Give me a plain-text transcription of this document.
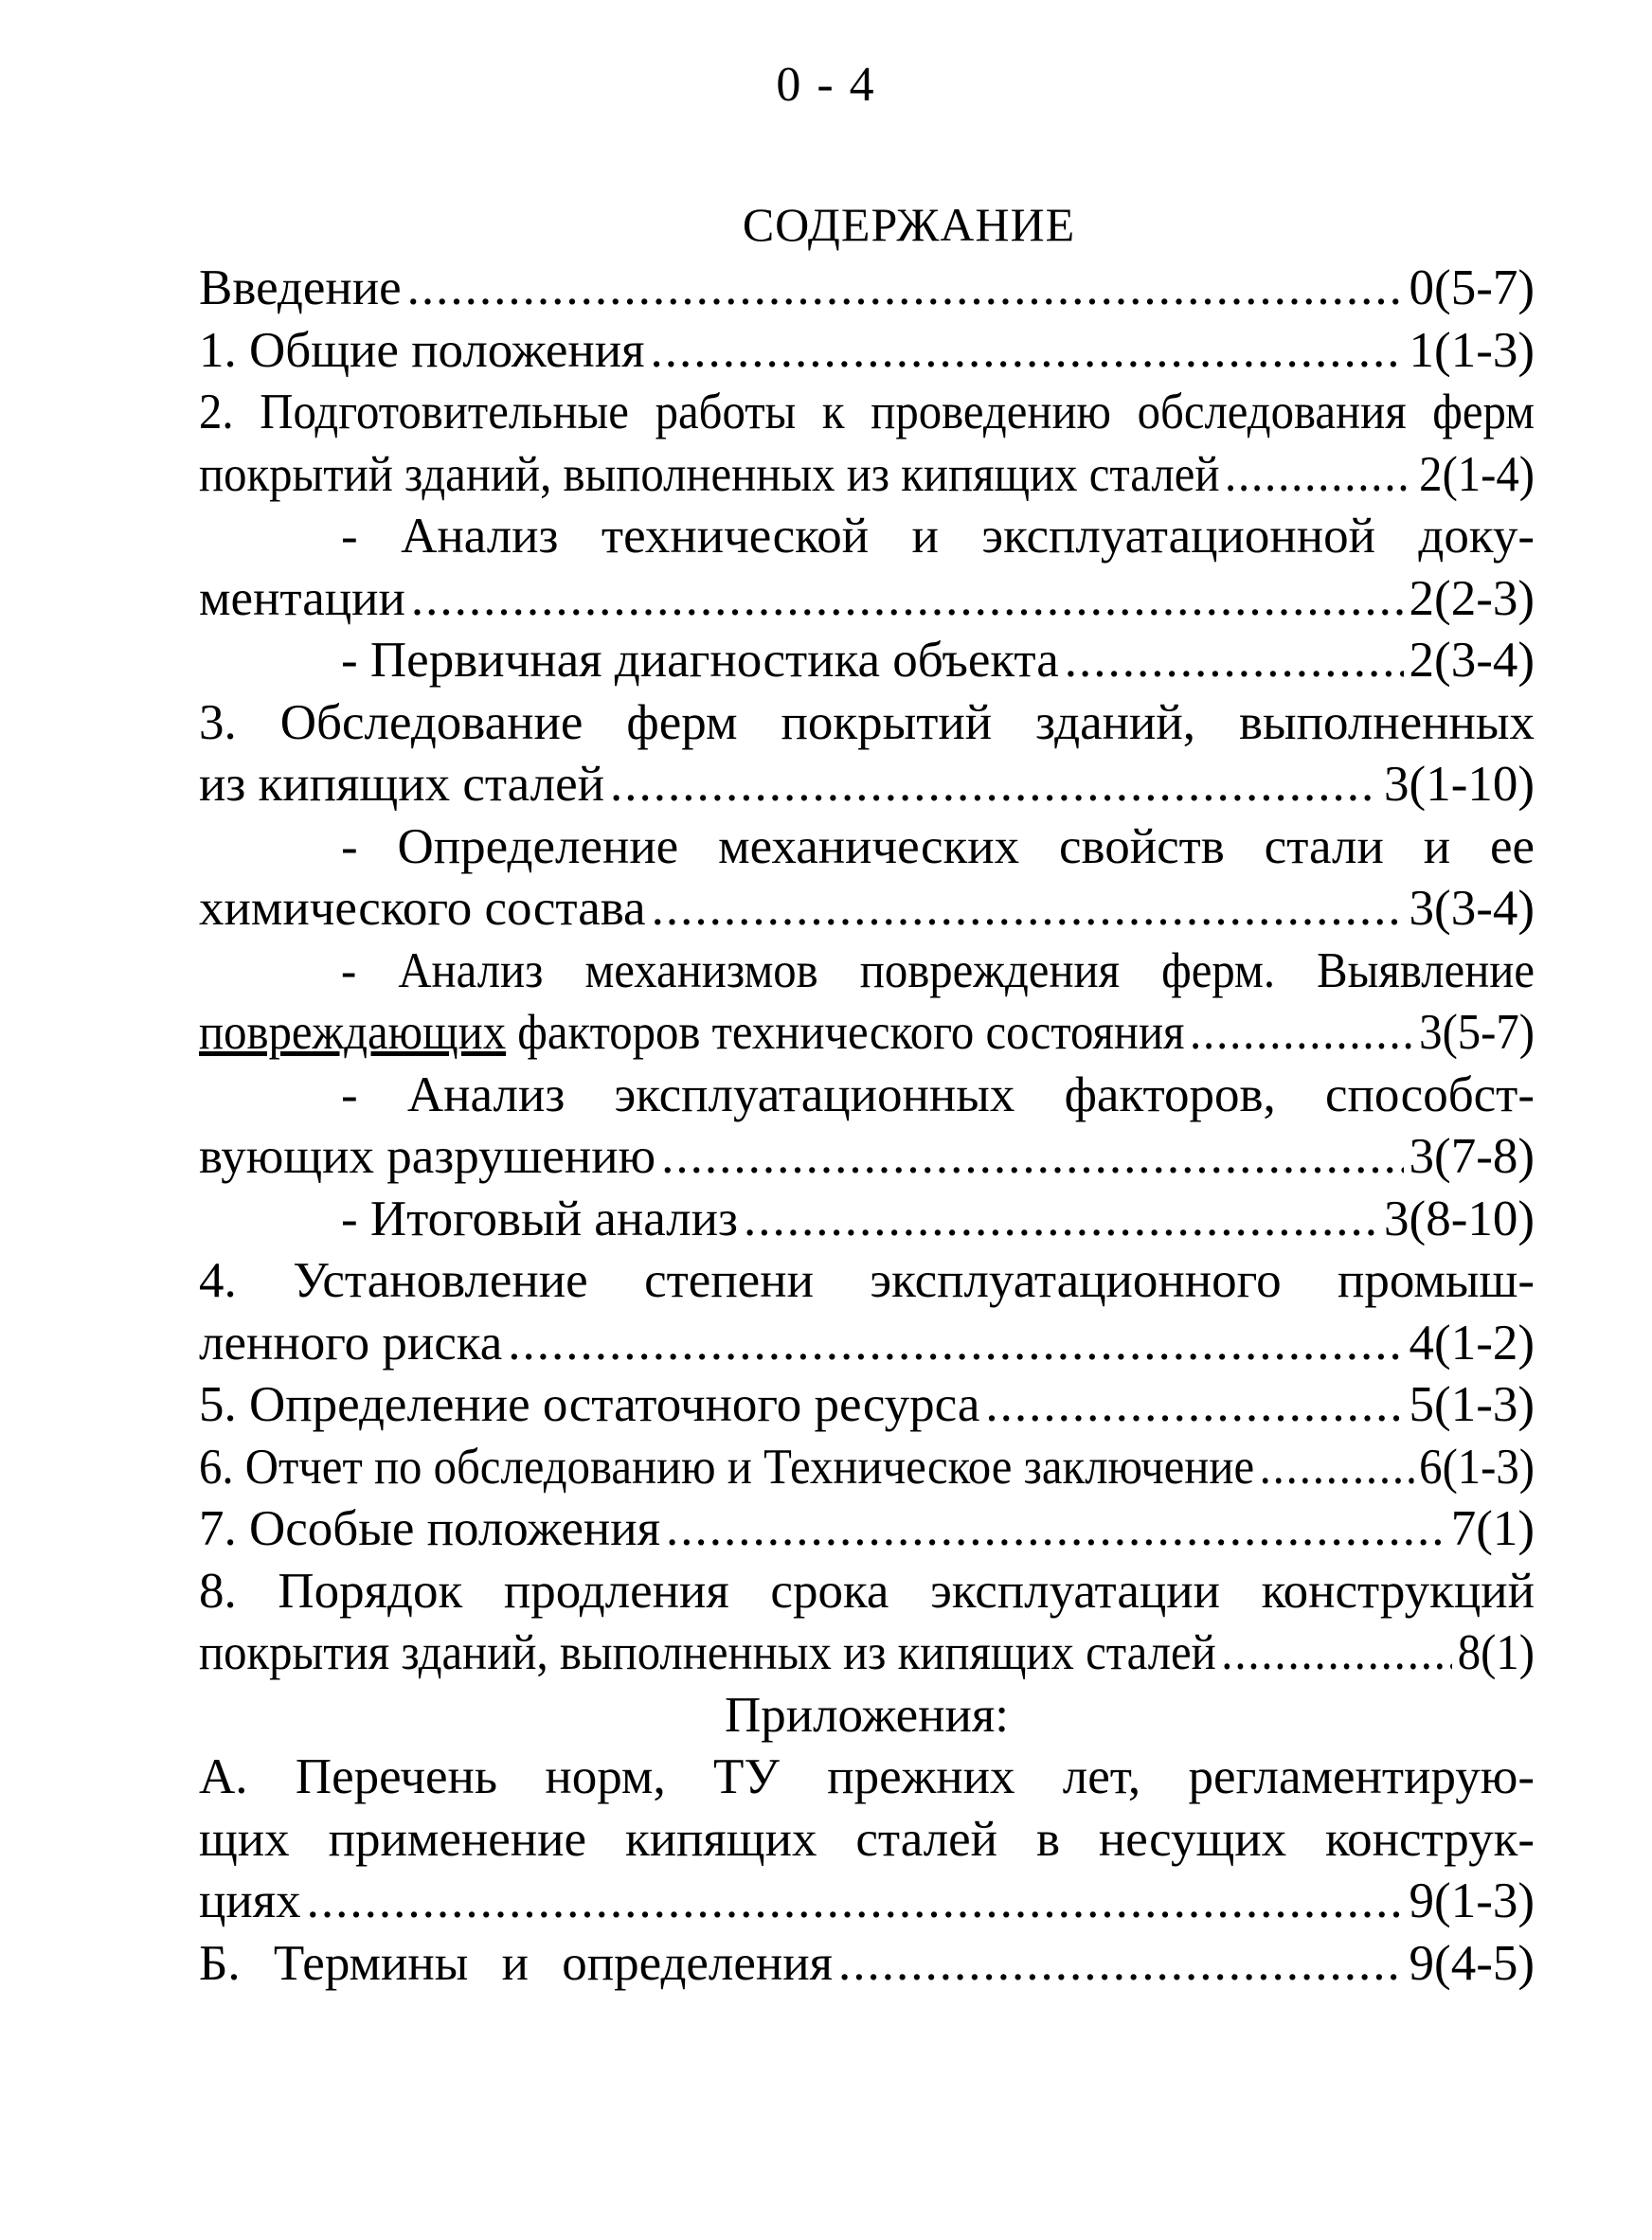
0 - 4
СОДЕРЖАНИЕ
Введение .....	0(5-7)
1. Общие положения .....	1(1-3)
2. Подготовительные работы к проведению обследования ферм
покрытий зданий, выполненных из кипящих сталей .....	2(1-4)
- Анализ технической и эксплуатационной доку-
ментации .....	2(2-3)
- Первичная диагностика объекта .....	2(3-4)
3. Обследование ферм покрытий зданий, выполненных
из кипящих сталей .....	3(1-10)
- Определение механических свойств стали и ее
химического состава .....	3(3-4)
- Анализ механизмов повреждения ферм. Выявление
повреждающих факторов технического состояния .....	3(5-7)
- Анализ эксплуатационных факторов, способст-
вующих разрушению .....	3(7-8)
- Итоговый анализ .....	3(8-10)
4. Установление степени эксплуатационного промыш-
ленного риска .....	4(1-2)
5. Определение остаточного ресурса .....	5(1-3)
6. Отчет по обследованию и Техническое заключение .....	6(1-3)
7. Особые положения .....	7(1)
8. Порядок продления срока эксплуатации конструкций
покрытия зданий, выполненных из кипящих сталей .....	8(1)
Приложения:
А. Перечень норм, ТУ прежних лет, регламентирую-
щих применение кипящих сталей в несущих конструк-
циях .....	9(1-3)
Б. Термины и определения .....	9(4-5)
